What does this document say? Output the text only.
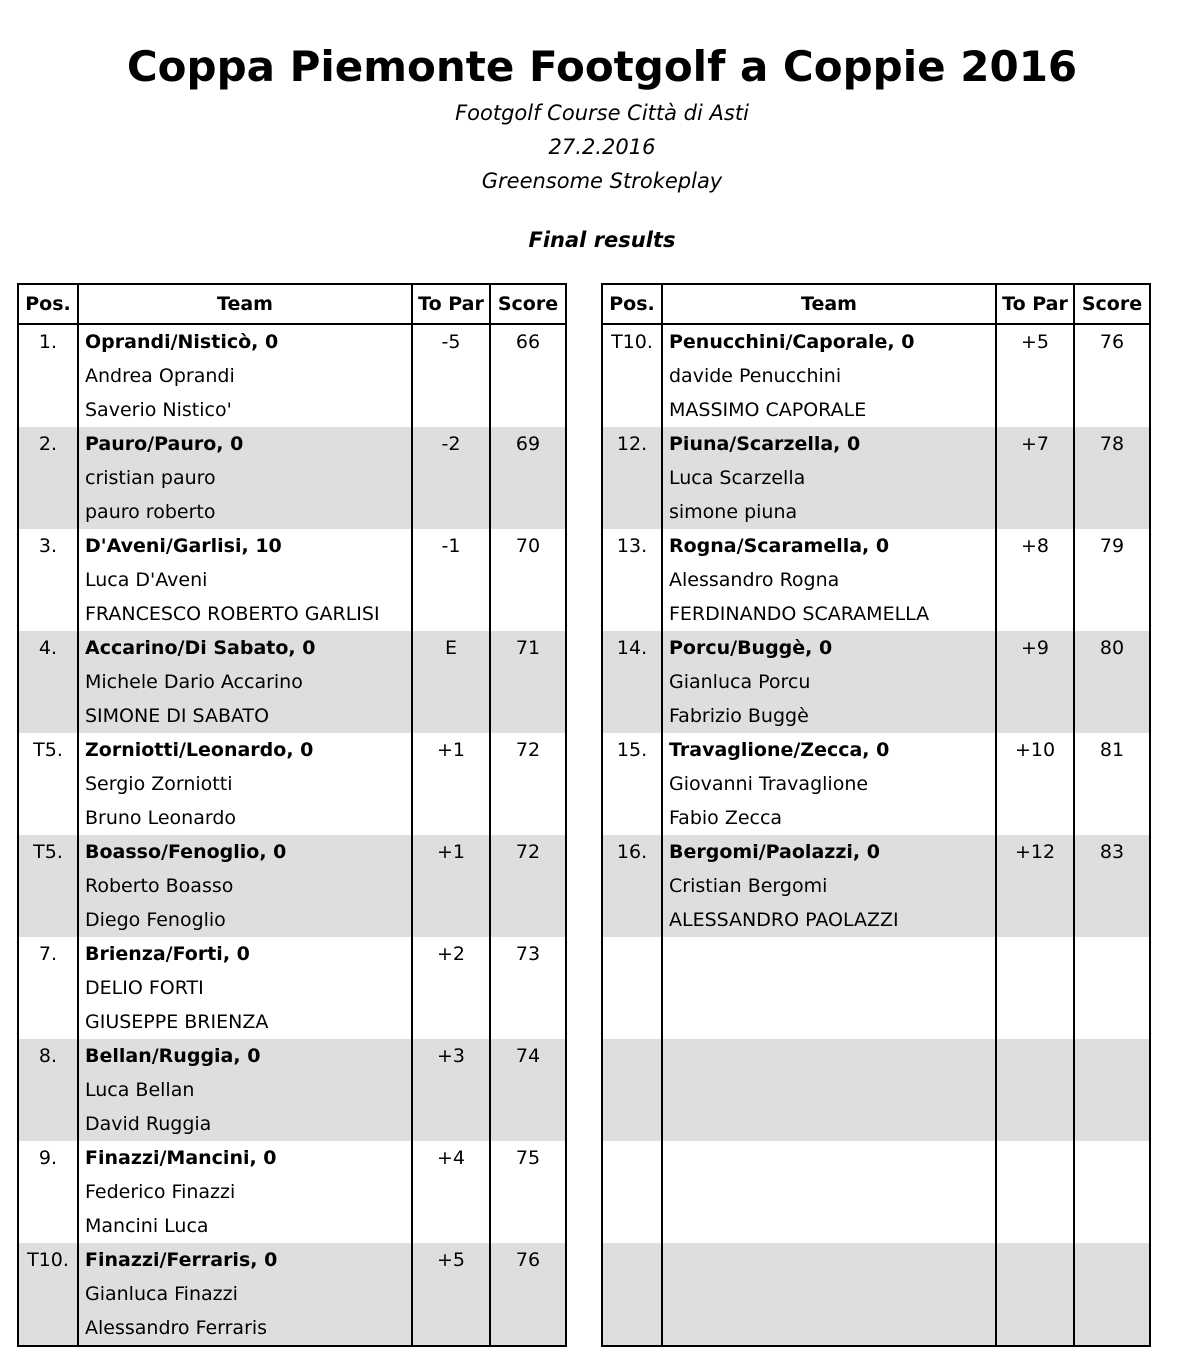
Coppa Piemonte Footgolf a Coppie 2016
Footgolf Course Città di Asti
27.2.2016
Greensome Strokeplay
Final results
Pos.	Team	To Par	Score
1.	Oprandi/Nisticò, 0	-5	66
	Andrea Oprandi		
	Saverio Nistico'		
2.	Pauro/Pauro, 0	-2	69
	cristian pauro		
	pauro roberto		
3.	D'Aveni/Garlisi, 10	-1	70
	Luca D'Aveni		
	FRANCESCO ROBERTO GARLISI		
4.	Accarino/Di Sabato, 0	E	71
	Michele Dario Accarino		
	SIMONE DI SABATO		
T5.	Zorniotti/Leonardo, 0	+1	72
	Sergio Zorniotti		
	Bruno Leonardo		
T5.	Boasso/Fenoglio, 0	+1	72
	Roberto Boasso		
	Diego Fenoglio		
7.	Brienza/Forti, 0	+2	73
	DELIO FORTI		
	GIUSEPPE BRIENZA		
8.	Bellan/Ruggia, 0	+3	74
	Luca Bellan		
	David Ruggia		
9.	Finazzi/Mancini, 0	+4	75
	Federico Finazzi		
	Mancini Luca		
T10.	Finazzi/Ferraris, 0	+5	76
	Gianluca Finazzi		
	Alessandro Ferraris		
Pos.	Team	To Par	Score
T10.	Penucchini/Caporale, 0	+5	76
	davide Penucchini		
	MASSIMO CAPORALE		
12.	Piuna/Scarzella, 0	+7	78
	Luca Scarzella		
	simone piuna		
13.	Rogna/Scaramella, 0	+8	79
	Alessandro Rogna		
	FERDINANDO SCARAMELLA		
14.	Porcu/Buggè, 0	+9	80
	Gianluca Porcu		
	Fabrizio Buggè		
15.	Travaglione/Zecca, 0	+10	81
	Giovanni Travaglione		
	Fabio Zecca		
16.	Bergomi/Paolazzi, 0	+12	83
	Cristian Bergomi		
	ALESSANDRO PAOLAZZI		
